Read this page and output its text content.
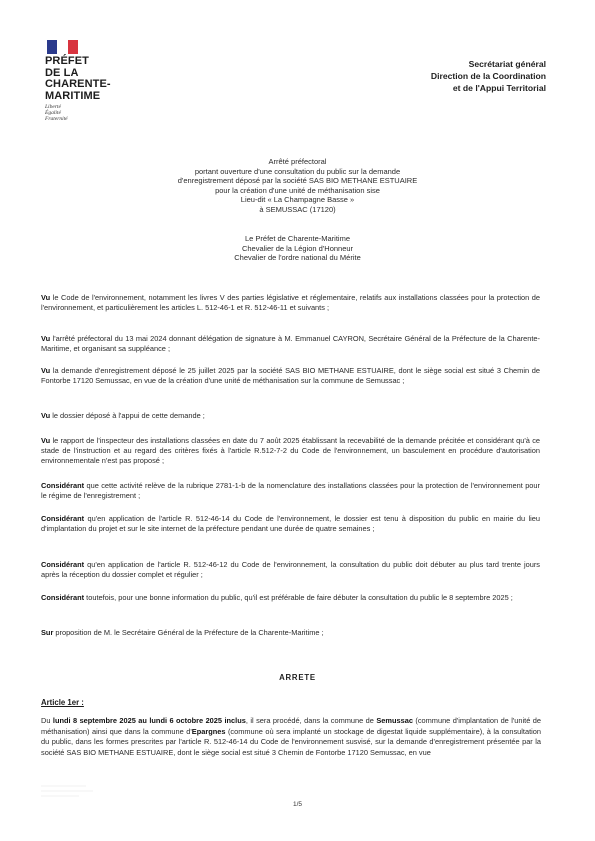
PRÉFET
DE LA
CHARENTE-
MARITIME
Liberté
Égalité
Fraternité
Secrétariat général
Direction de la Coordination
et de l'Appui Territorial
Arrêté préfectoral
portant ouverture d'une consultation du public sur la demande
d'enregistrement déposé par la société SAS BIO METHANE ESTUAIRE
pour la création d'une unité de méthanisation sise
Lieu-dit « La Champagne Basse »
à SEMUSSAC (17120)
Le Préfet de Charente-Maritime
Chevalier de la Légion d'Honneur
Chevalier de l'ordre national du Mérite

Vu le Code de l'environnement, notamment les livres V des parties législative et réglementaire, relatifs aux installations classées pour la protection de l'environnement, et particulièrement les articles L. 512-46-1 et R. 512-46-11 et suivants ;

Vu l'arrêté préfectoral du 13 mai 2024 donnant délégation de signature à M. Emmanuel CAYRON, Secrétaire Général de la Préfecture de la Charente-Maritime, et organisant sa suppléance ;

Vu la demande d'enregistrement déposé le 25 juillet 2025 par la société SAS BIO METHANE ESTUAIRE, dont le siège social est situé 3 Chemin de Fontorbe 17120 Semussac, en vue de la création d'une unité de méthanisation sur la commune de Semussac ;

Vu le dossier déposé à l'appui de cette demande ;

Vu le rapport de l'inspecteur des installations classées en date du 7 août 2025 établissant la recevabilité de la demande précitée et considérant qu'à ce stade de l'instruction et au regard des critères fixés à l'article R.512-7-2 du Code de l'environnement, un basculement en procédure d'autorisation environnementale n'est pas proposé ;

Considérant que cette activité relève de la rubrique 2781-1-b de la nomenclature des installations classées pour la protection de l'environnement pour le régime de l'enregistrement ;

Considérant qu'en application de l'article R. 512-46-14 du Code de l'environnement, le dossier est tenu à disposition du public en mairie du lieu d'implantation du projet et sur le site internet de la préfecture pendant une durée de quatre semaines ;

Considérant qu'en application de l'article R. 512-46-12 du Code de l'environnement, la consultation du public doit débuter au plus tard trente jours après la réception du dossier complet et régulier ;

Considérant toutefois, pour une bonne information du public, qu'il est préférable de faire débuter la consultation du public le 8 septembre 2025 ;

Sur proposition de M. le Secrétaire Général de la Préfecture de la Charente-Maritime ;

ARRETE
Article 1er :

Du lundi 8 septembre 2025 au lundi 6 octobre 2025 inclus, il sera procédé, dans la commune de Semussac (commune d'implantation de l'unité de méthanisation) ainsi que dans la commune d'Epargnes (commune où sera implanté un stockage de digestat liquide supplémentaire), à la consultation du public, dans les formes prescrites par l'article R. 512-46-14 du Code de l'environnement susvisé, sur la demande d'enregistrement présentée par la société SAS BIO METHANE ESTUAIRE, dont le siège social est situé 3 Chemin de Fontorbe 17120 Semussac, en vue

1/5
